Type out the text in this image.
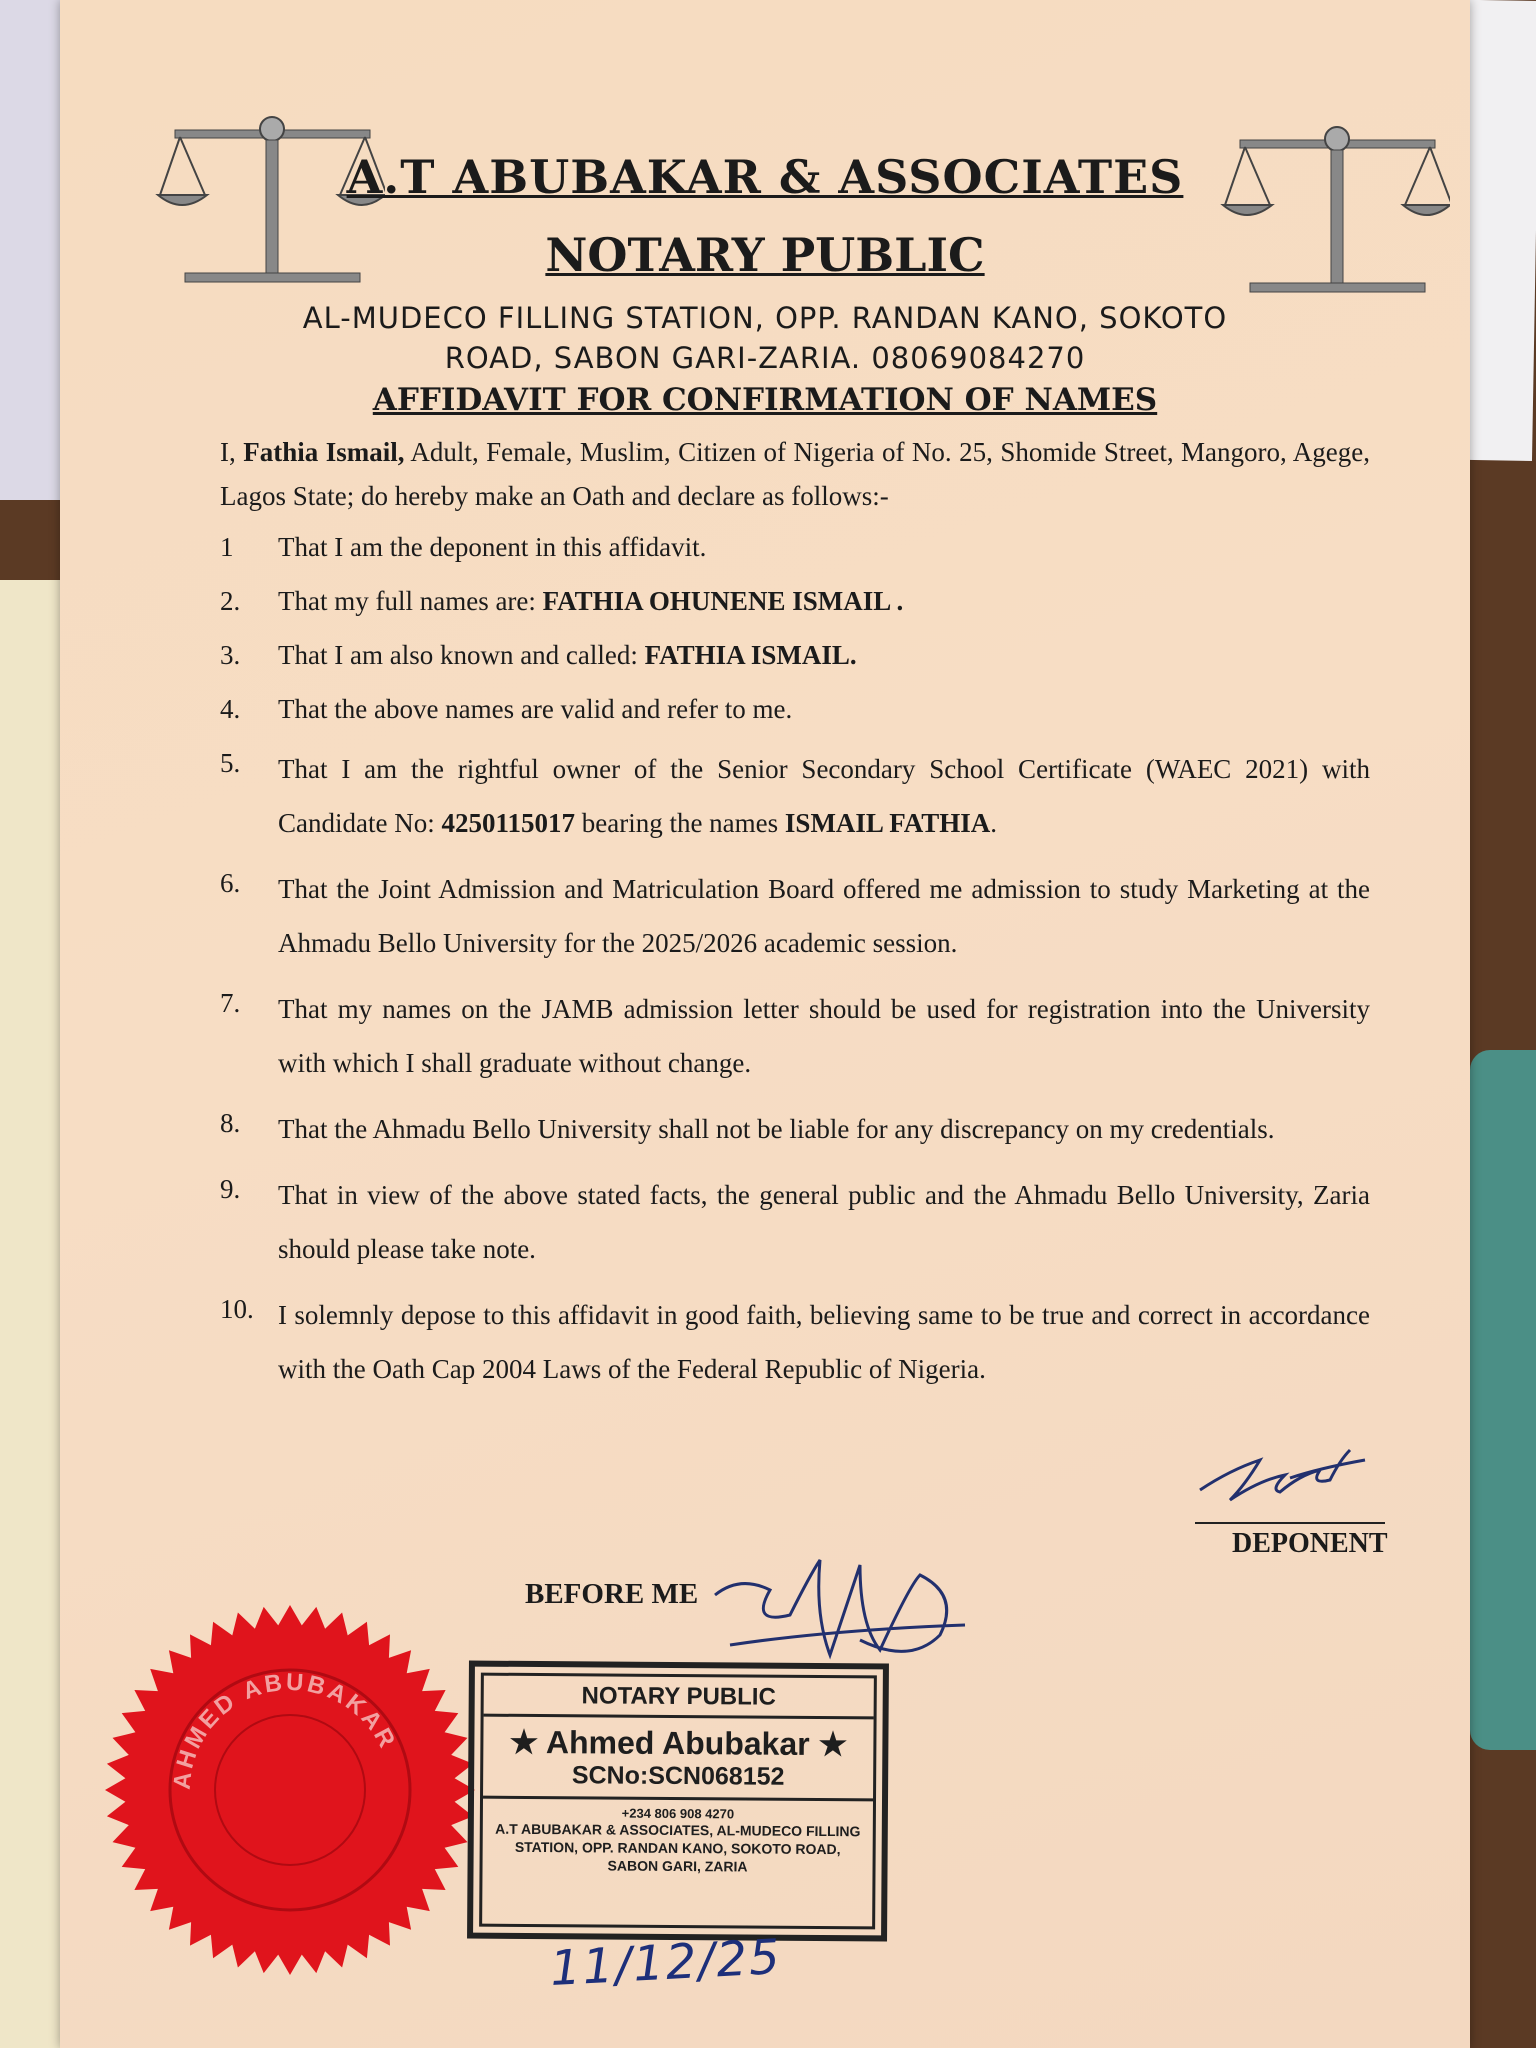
A.T ABUBAKAR & ASSOCIATES
NOTARY PUBLIC
AL-MUDECO FILLING STATION, OPP. RANDAN KANO, SOKOTO
ROAD, SABON GARI-ZARIA. 08069084270
AFFIDAVIT FOR CONFIRMATION OF NAMES

I, Fathia Ismail, Adult, Female, Muslim, Citizen of Nigeria of No. 25, Shomide Street, Mangoro, Agege, Lagos State; do hereby make an Oath and declare as follows:-

1	That I am the deponent in this affidavit.
2.	That my full names are: FATHIA OHUNENE ISMAIL .
3.	That I am also known and called: FATHIA ISMAIL.
4.	That the above names are valid and refer to me.
5.	That I am the rightful owner of the Senior Secondary School Certificate (WAEC 2021) with Candidate No: 4250115017 bearing the names ISMAIL FATHIA.
6.	That the Joint Admission and Matriculation Board offered me admission to study Marketing at the Ahmadu Bello University for the 2025/2026 academic session.
7.	That my names on the JAMB admission letter should be used for registration into the University with which I shall graduate without change.
8.	That the Ahmadu Bello University shall not be liable for any discrepancy on my credentials.
9.	That in view of the above stated facts, the general public and the Ahmadu Bello University, Zaria should please take note.
10. I solemnly depose to this affidavit in good faith, believing same to be true and correct in accordance with the Oath Cap 2004 Laws of the Federal Republic of Nigeria.
DEPONENT
BEFORE ME
AHMED ABUBAKAR
NOTARY PUBLIC
★ Ahmed Abubakar ★
SCNo:SCN068152
+234 806 908 4270
A.T ABUBAKAR & ASSOCIATES, AL-MUDECO FILLING STATION, OPP. RANDAN KANO, SOKOTO ROAD, SABON GARI, ZARIA
11/12/25
